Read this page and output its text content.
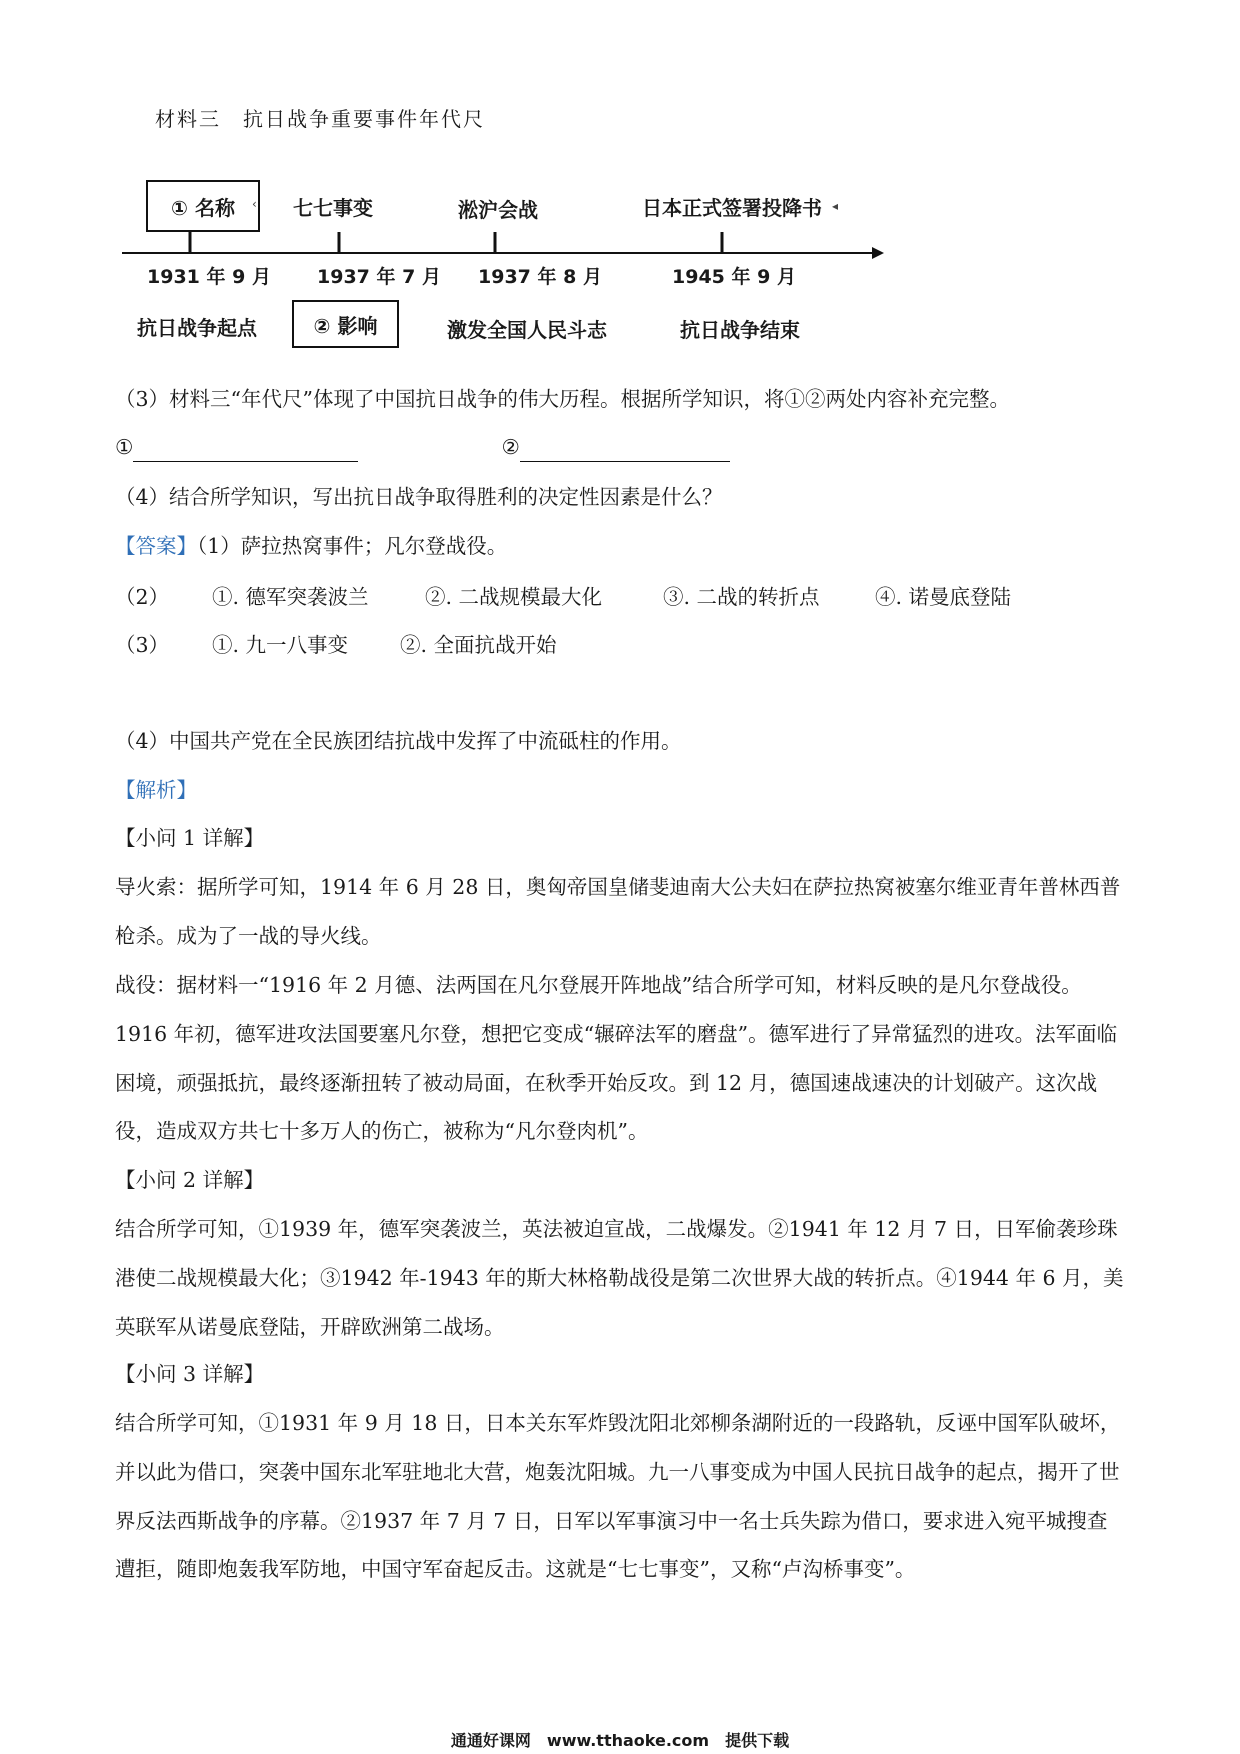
材料三　抗日战争重要事件年代尺
① 名称	‹ 七七事变	淞沪会战	日本正式签署投降书 ◂
1931 年 9 月 1937 年 7 月 1937 年 8 月	1945 年 9 月
抗日战争起点	② 影响	激发全国人民斗志	抗日战争结束
（3）材料三“年代尺”体现了中国抗日战争的伟大历程。根据所学知识，将①②两处内容补充完整。
①	②
（4）结合所学知识，写出抗日战争取得胜利的决定性因素是什么？
【答案】（1）萨拉热窝事件；凡尔登战役。
（2） ①. 德军突袭波兰	②. 二战规模最大化	③. 二战的转折点	④. 诺曼底登陆
（3） ①. 九一八事变	②. 全面抗战开始
（4）中国共产党在全民族团结抗战中发挥了中流砥柱的作用。
【解析】
【小问 1 详解】
导火索：据所学可知，1914 年 6 月 28 日，奥匈帝国皇储斐迪南大公夫妇在萨拉热窝被塞尔维亚青年普林西普枪杀。成为了一战的导火线。
战役：据材料一“1916 年 2 月德、法两国在凡尔登展开阵地战”结合所学可知，材料反映的是凡尔登战役。1916 年初，德军进攻法国要塞凡尔登，想把它变成“辗碎法军的磨盘”。德军进行了异常猛烈的进攻。法军面临困境，顽强抵抗，最终逐渐扭转了被动局面，在秋季开始反攻。到 12 月，德国速战速决的计划破产。这次战役，造成双方共七十多万人的伤亡，被称为“凡尔登肉机”。
【小问 2 详解】
结合所学可知，①1939 年，德军突袭波兰，英法被迫宣战，二战爆发。②1941 年 12 月 7 日，日军偷袭珍珠港使二战规模最大化；③1942 年-1943 年的斯大林格勒战役是第二次世界大战的转折点。④1944 年 6 月，美英联军从诺曼底登陆，开辟欧洲第二战场。
【小问 3 详解】
结合所学可知，①1931 年 9 月 18 日，日本关东军炸毁沈阳北郊柳条湖附近的一段路轨，反诬中国军队破坏，并以此为借口，突袭中国东北军驻地北大营，炮轰沈阳城。九一八事变成为中国人民抗日战争的起点，揭开了世界反法西斯战争的序幕。②1937 年 7 月 7 日，日军以军事演习中一名士兵失踪为借口，要求进入宛平城搜查遭拒，随即炮轰我军防地，中国守军奋起反击。这就是“七七事变”，又称“卢沟桥事变”。
通通好课网　www.tthaoke.com　提供下载
